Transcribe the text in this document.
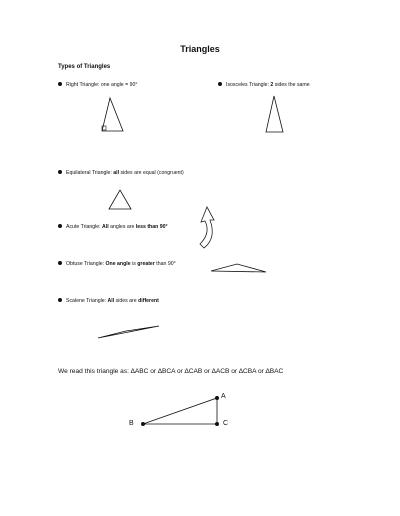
Triangles
Types of Triangles
Right Triangle: one angle = 90°	Isosceles Triangle: 2 sides the same
Equilateral Triangle: all sides are equal (congruent)
Acute Triangle: All angles are less than 90°
Obtuse Triangle: One angle is greater than 90°
Scalene Triangle: All sides are different
We read this triangle as: ∆ABC or ∆BCA or ∆CAB or ∆ACB or ∆CBA or ∆BAC
A
B	C
